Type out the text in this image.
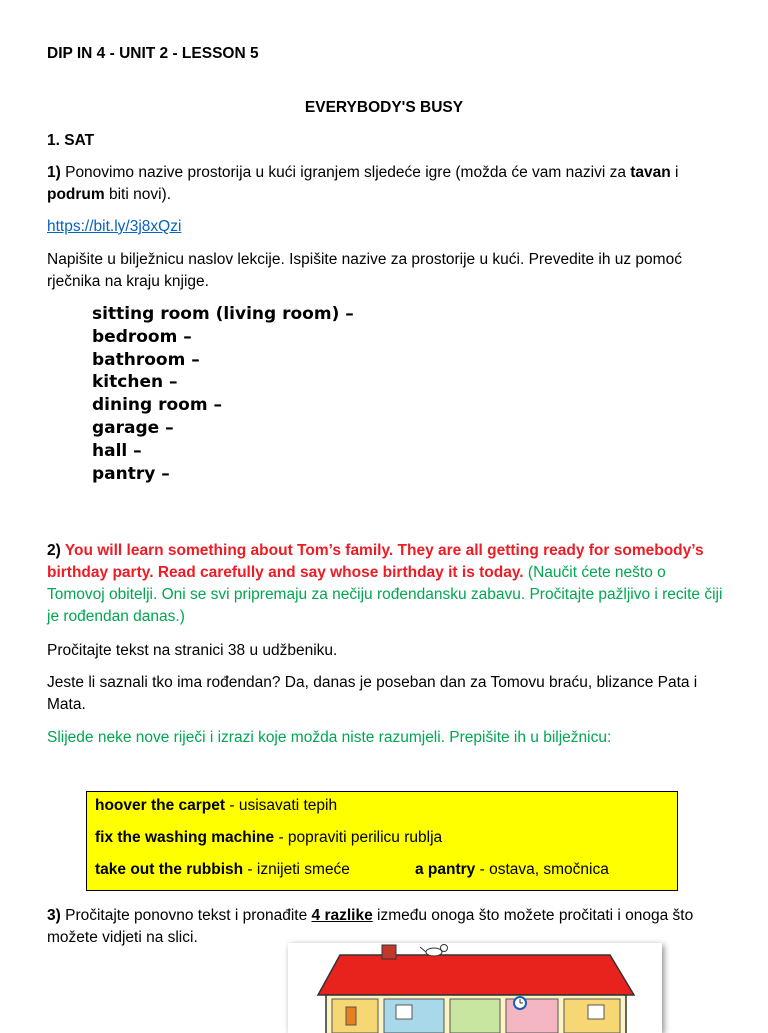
DIP IN 4 - UNIT 2 - LESSON 5
EVERYBODY'S BUSY
1. SAT

1) Ponovimo nazive prostorija u kući igranjem sljedeće igre (možda će vam nazivi za tavan i podrum biti novi).

https://bit.ly/3j8xQzi

Napišite u bilježnicu naslov lekcije. Ispišite nazive za prostorije u kući. Prevedite ih uz pomoć rječnika na kraju knjige.

sitting room (living room) –
bedroom –
bathroom –
kitchen –
dining room –
garage –
hall –
pantry –

2) You will learn something about Tom’s family. They are all getting ready for somebody’s birthday party. Read carefully and say whose birthday it is today. (Naučit ćete nešto o Tomovoj obitelji. Oni se svi pripremaju za nečiju rođendansku zabavu. Pročitajte pažljivo i recite čiji je rođendan danas.)

Pročitajte tekst na stranici 38 u udžbeniku.

Jeste li saznali tko ima rođendan? Da, danas je poseban dan za Tomovu braću, blizance Pata i Mata.

Slijede neke nove riječi i izrazi koje možda niste razumjeli. Prepišite ih u bilježnicu:

hoover the carpet - usisavati tepih
fix the washing machine - popraviti perilicu rublja
take out the rubbish - iznijeti smeće	a pantry - ostava, smočnica

3) Pročitajte ponovno tekst i pronađite 4 razlike između onoga što možete pročitati i onoga što možete vidjeti na slici.
